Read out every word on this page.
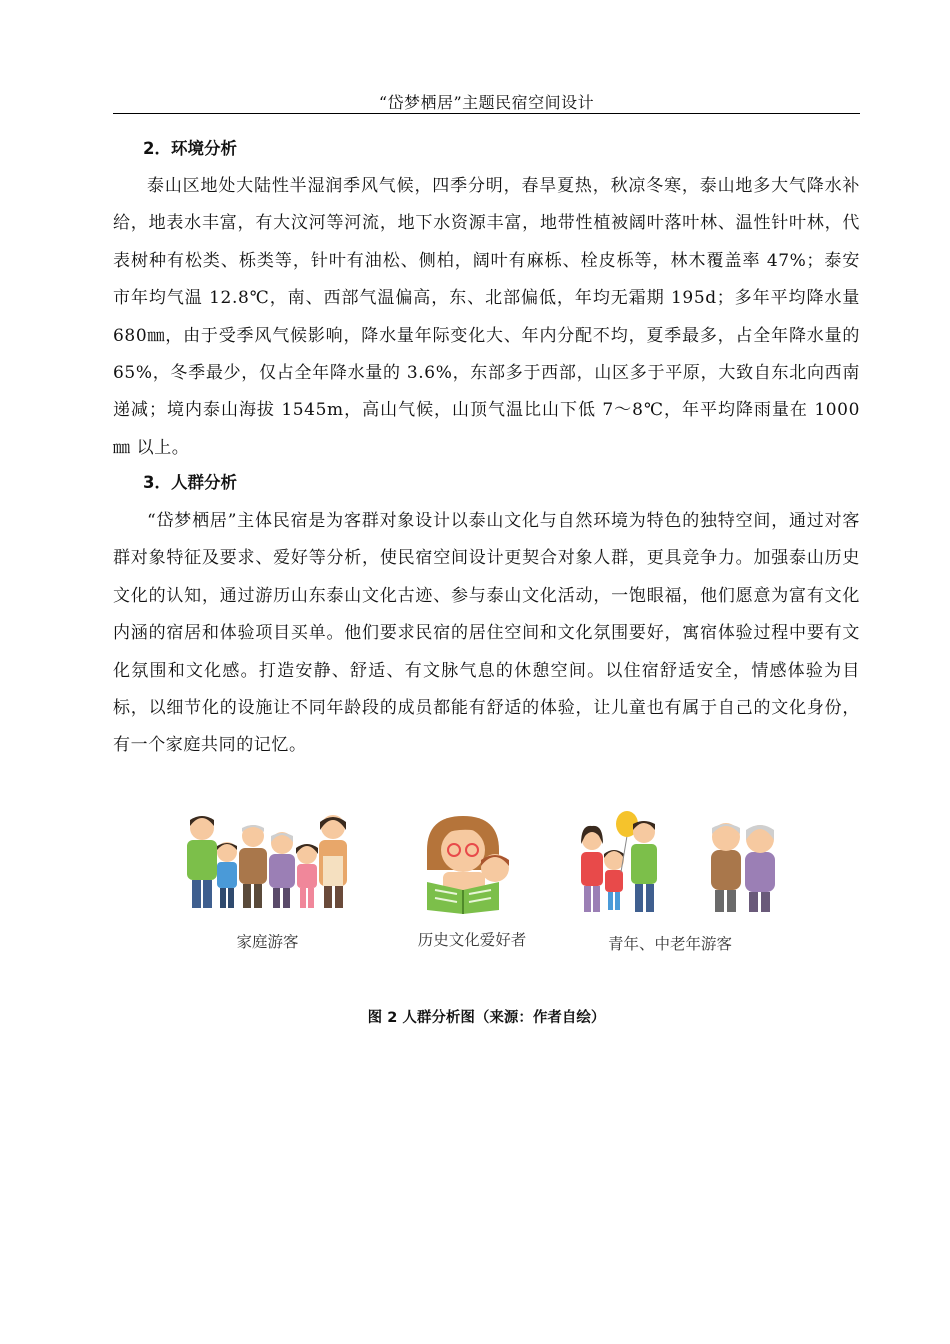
“岱梦栖居”主题民宿空间设计
2．环境分析

泰山区地处大陆性半湿润季风气候，四季分明，春旱夏热，秋凉冬寒，泰山地多大气降水补给，地表水丰富，有大汶河等河流，地下水资源丰富，地带性植被阔叶落叶林、温性针叶林，代表树种有松类、栎类等，针叶有油松、侧柏，阔叶有麻栎、栓皮栎等，林木覆盖率 47%；泰安市年均气温 12.8℃，南、西部气温偏高，东、北部偏低，年均无霜期 195d；多年平均降水量 680㎜，由于受季风气候影响，降水量年际变化大、年内分配不均，夏季最多，占全年降水量的 65%，冬季最少，仅占全年降水量的 3.6%，东部多于西部，山区多于平原，大致自东北向西南递减；境内泰山海拔 1545m，高山气候，山顶气温比山下低 7～8℃，年平均降雨量在 1000㎜ 以上。

3．人群分析

“岱梦栖居”主体民宿是为客群对象设计以泰山文化与自然环境为特色的独特空间，通过对客群对象特征及要求、爱好等分析，使民宿空间设计更契合对象人群，更具竞争力。加强泰山历史文化的认知，通过游历山东泰山文化古迹、参与泰山文化活动，一饱眼福，他们愿意为富有文化内涵的宿居和体验项目买单。他们要求民宿的居住空间和文化氛围要好，寓宿体验过程中要有文化氛围和文化感。打造安静、舒适、有文脉气息的休憩空间。以住宿舒适安全，情感体验为目标，以细节化的设施让不同年龄段的成员都能有舒适的体验，让儿童也有属于自己的文化身份，有一个家庭共同的记忆。

家庭游客	历史文化爱好者	青年、中老年游客
图 2 人群分析图（来源：作者自绘）
